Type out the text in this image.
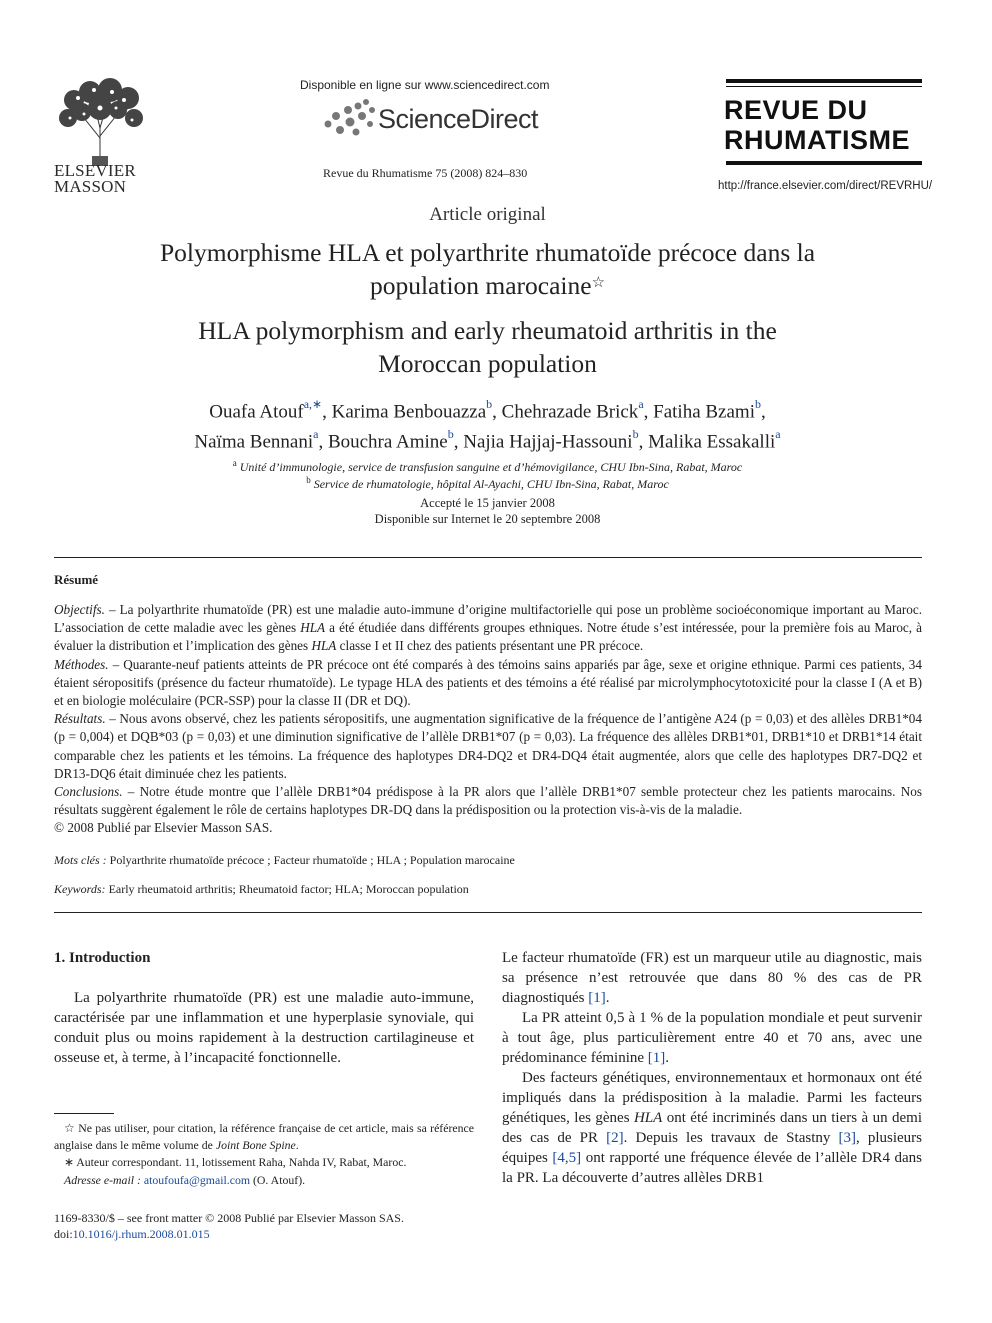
ELSEVIER
MASSON
Disponible en ligne sur www.sciencedirect.com
ScienceDirect
Revue du Rhumatisme 75 (2008) 824–830
REVUE DU
RHUMATISME
http://france.elsevier.com/direct/REVRHU/
Article original
Polymorphisme HLA et polyarthrite rhumatoïde précoce dans la
population marocaine☆
HLA polymorphism and early rheumatoid arthritis in the
Moroccan population
Ouafa Atouf$^{a,∗}$, Karima Benbouazza$^b$, Chehrazade Brick$^a$, Fatiha Bzami$^b$,
Naïma Bennani$^a$, Bouchra Amine$^b$, Najia Hajjaj-Hassouni$^b$, Malika Essakalli$^a$
$^a$ Unité d’immunologie, service de transfusion sanguine et d’hémovigilance, CHU Ibn-Sina, Rabat, Maroc
$^b$ Service de rhumatologie, hôpital Al-Ayachi, CHU Ibn-Sina, Rabat, Maroc
Accepté le 15 janvier 2008
Disponible sur Internet le 20 septembre 2008
Résumé

Objectifs. – La polyarthrite rhumatoïde (PR) est une maladie auto-immune d’origine multifactorielle qui pose un problème socioéconomique important au Maroc. L’association de cette maladie avec les gènes HLA a été étudiée dans différents groupes ethniques. Notre étude s’est intéressée, pour la première fois au Maroc, à évaluer la distribution et l’implication des gènes HLA classe I et II chez des patients présentant une PR précoce.

Méthodes. – Quarante-neuf patients atteints de PR précoce ont été comparés à des témoins sains appariés par âge, sexe et origine ethnique. Parmi ces patients, 34 étaient séropositifs (présence du facteur rhumatoïde). Le typage HLA des patients et des témoins a été réalisé par microlymphocytotoxicité pour la classe I (A et B) et en biologie moléculaire (PCR-SSP) pour la classe II (DR et DQ).

Résultats. – Nous avons observé, chez les patients séropositifs, une augmentation significative de la fréquence de l’antigène A24 (p = 0,03) et des allèles DRB1*04 (p = 0,004) et DQB*03 (p = 0,03) et une diminution significative de l’allèle DRB1*07 (p = 0,03). La fréquence des allèles DRB1*01, DRB1*10 et DRB1*14 était comparable chez les patients et les témoins. La fréquence des haplotypes DR4-DQ2 et DR4-DQ4 était augmentée, alors que celle des haplotypes DR7-DQ2 et DR13-DQ6 était diminuée chez les patients.

Conclusions. – Notre étude montre que l’allèle DRB1*04 prédispose à la PR alors que l’allèle DRB1*07 semble protecteur chez les patients marocains. Nos résultats suggèrent également le rôle de certains haplotypes DR-DQ dans la prédisposition ou la protection vis-à-vis de la maladie.

© 2008 Publié par Elsevier Masson SAS.

Mots clés : Polyarthrite rhumatoïde précoce ; Facteur rhumatoïde ; HLA ; Population marocaine
Keywords: Early rheumatoid arthritis; Rheumatoid factor; HLA; Moroccan population
1. Introduction

La polyarthrite rhumatoïde (PR) est une maladie auto-immune, caractérisée par une inflammation et une hyperplasie synoviale, qui conduit plus ou moins rapidement à la destruction cartilagineuse et osseuse et, à terme, à l’incapacité fonctionnelle.

Le facteur rhumatoïde (FR) est un marqueur utile au diagnostic, mais sa présence n’est retrouvée que dans 80 % des cas de PR diagnostiqués [1].

La PR atteint 0,5 à 1 % de la population mondiale et peut survenir à tout âge, plus particulièrement entre 40 et 70 ans, avec une prédominance féminine [1].

Des facteurs génétiques, environnementaux et hormonaux ont été impliqués dans la prédisposition à la maladie. Parmi les facteurs génétiques, les gènes HLA ont été incriminés dans un tiers à un demi des cas de PR [2]. Depuis les travaux de Stastny [3], plusieurs équipes [4,5] ont rapporté une fréquence élevée de l’allèle DR4 dans la PR. La découverte d’autres allèles DRB1

☆ Ne pas utiliser, pour citation, la référence française de cet article, mais sa référence anglaise dans le même volume de Joint Bone Spine.

∗ Auteur correspondant. 11, lotissement Raha, Nahda IV, Rabat, Maroc.

Adresse e-mail : atoufoufa@gmail.com (O. Atouf).

1169-8330/$ – see front matter © 2008 Publié par Elsevier Masson SAS.
doi:10.1016/j.rhum.2008.01.015
